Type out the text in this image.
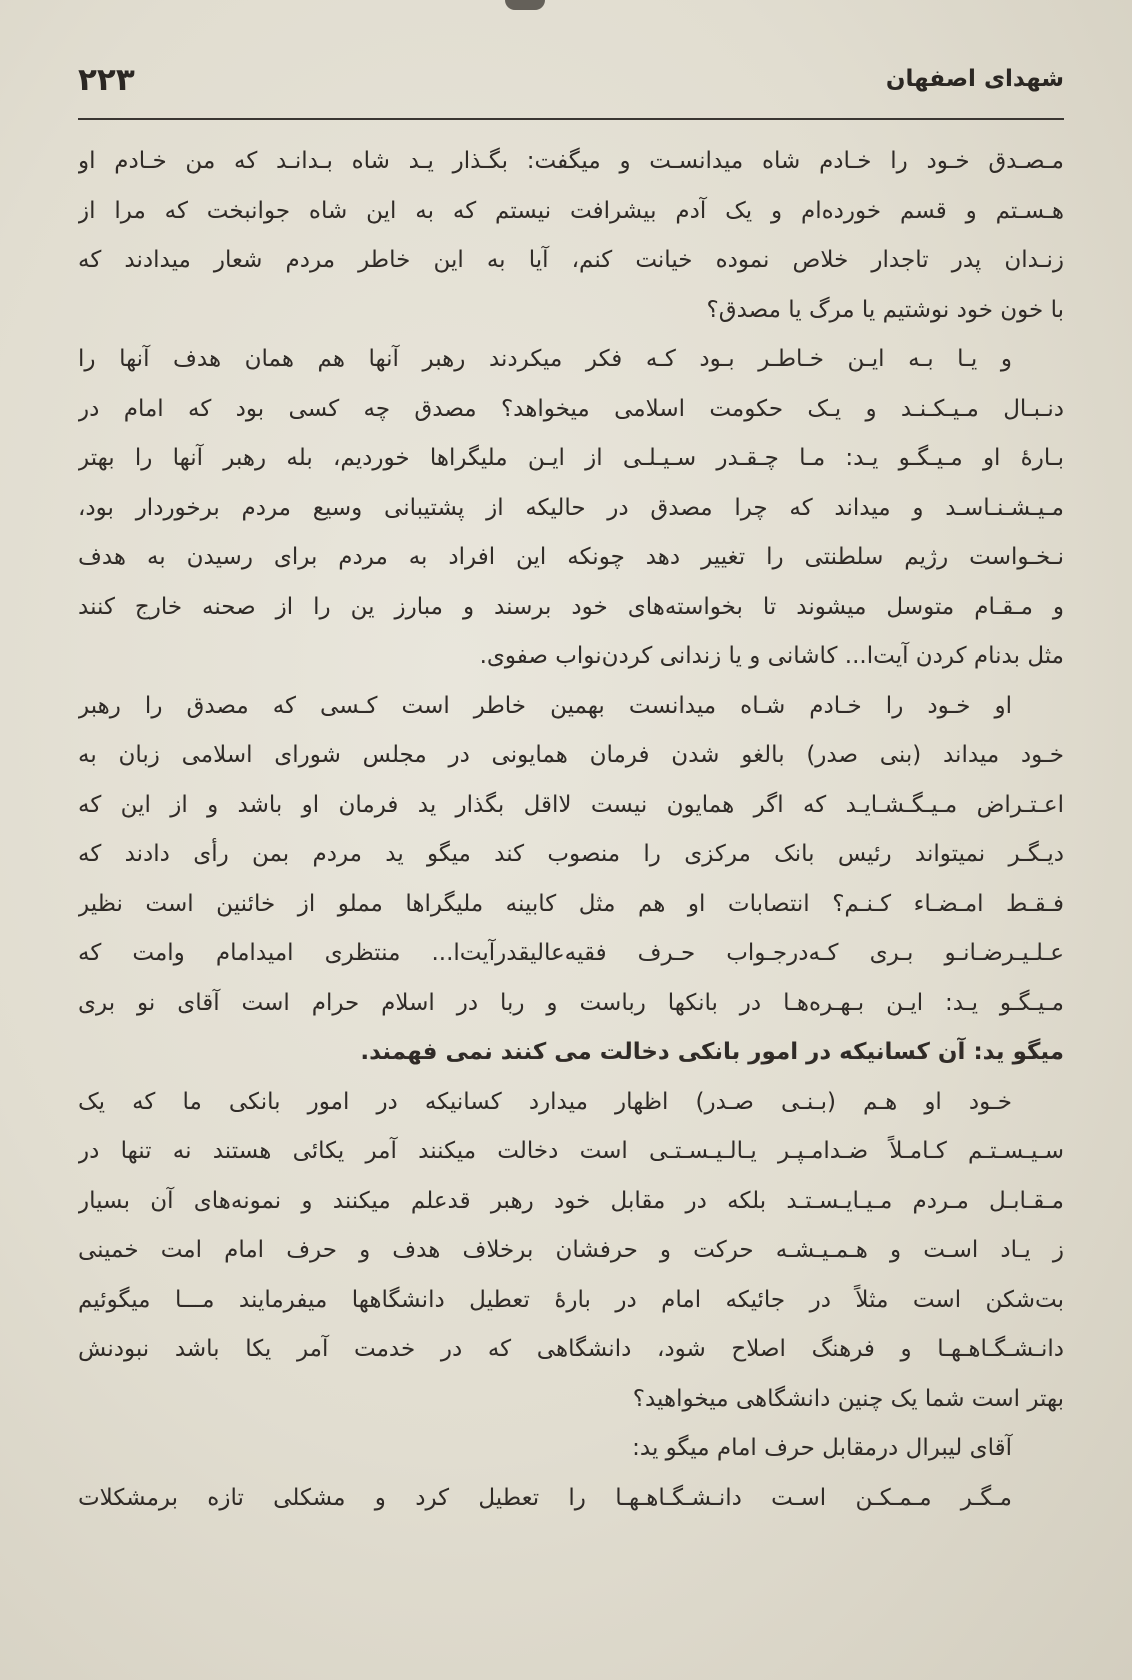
شهدای اصفهان
۲۲۳
مـصـدق خـود را خـادم شاه میدانسـت و میگفت: بگـذار یـد شاه بـدانـد که من خـادم او
هـسـتم و قسم خورده‌ام و یک آدم بیشرافت نیستم که به این شاه جوانبخت که مرا از
زنـدان پدر تاجدار خلاص نموده خیانت کنم، آیا به این خاطر مردم شعار میدادند که
با خون خود نوشتیم یا مرگ یا مصدق؟
و یـا بـه ایـن خـاطـر بـود کـه فکر میکردند رهبر آنها هم همان هدف آنها را
دنـبـال مـیـکـنـد و یـک حکومت اسلامی میخواهد؟ مصدق چه کسی بود که امام در
بـارهٔ او مـیـگـو یـد: مـا چـقـدر سـیـلـی از ایـن ملیگراها خوردیم، بله رهبر آنها را بهتر
مـیـشـنـاسـد و میداند که چرا مصدق در حالیکه از پشتیبانی وسیع مردم برخوردار بود،
نـخـواست رژیم سلطنتی را تغییر دهد چونکه این افراد به مردم برای رسیدن به هدف
و مـقـام متوسل میشوند تا بخواسته‌های خود برسند و مبارز ین را از صحنه خارج کنند
مثل بدنام کردن آیت‌ا... کاشانی و یا زندانی کردن‌نواب صفوی.
او خـود را خـادم شـاه میدانست بهمین خاطر است کـسی که مصدق را رهبر
خـود میداند (بنی صدر) بالغو شدن فرمان همایونی در مجلس شورای اسلامی زبان به
اعـتـراض مـیـگـشـایـد که اگر همایون نیست لااقل بگذار ید فرمان او باشد و از این که
دیـگـر نمیتواند رئیس بانک مرکزی را منصوب کند میگو ید مردم بمن رأی دادند که
فـقـط امـضـاء کـنـم؟ انتصابات او هم مثل کابینه ملیگراها مملو از خائنین است نظیر
عـلـیـرضـانـو بـری کـه‌درجـواب حـرف فقیه‌عالیقدرآیت‌ا... منتظری امیدامام وامت که
مـیـگـو یـد: ایـن بـهـره‌هـا در بانکها رباست و ربا در اسلام حرام است آقای نو بری
میگو ید: آن کسانیکه در امور بانکی دخالت می کنند نمی فهمند.
خـود او هـم (بـنـی صـدر) اظهار میدارد کسانیکه در امور بانکی ما که یک
سـیـسـتـم کـامـلاً ضـدامـپـر یـالـیـسـتـی است دخالت میکنند آمر یکائی هستند نه تنها در
مـقـابـل مـردم مـیـایـسـتـد بلکه در مقابل خود رهبر قدعلم میکنند و نمونه‌های آن بسیار
ز یـاد اسـت و هـمـیـشـه حرکت و حرفشان برخلاف هدف و حرف امام امت خمینی
بت‌شکن است مثلاً در جائیکه امام در بارهٔ تعطیل دانشگاهها میفرمایند مـــا میگوئیم
دانـشـگـاهـهـا و فرهنگ اصلاح شود، دانشگاهی که در خدمت آمر یکا باشد نبودنش
بهتر است شما یک چنین دانشگاهی میخواهید؟
آقای لیبرال درمقابل حرف امام میگو ید:
مـگـر مـمـکـن اسـت دانـشـگـاهـهـا را تعطیل کرد و مشکلی تازه برمشکلات
